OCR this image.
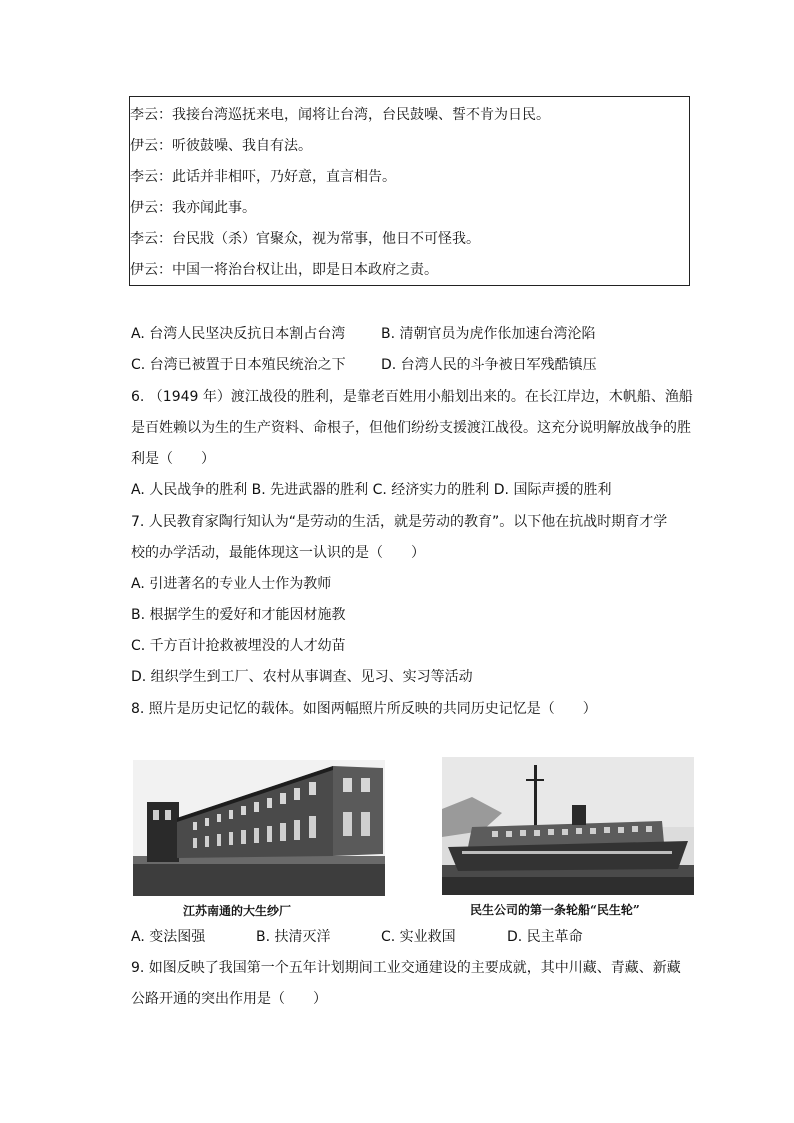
李云：我接台湾巡抚来电，闻将让台湾，台民鼓噪、誓不肯为日民。
伊云：听彼鼓噪、我自有法。
李云：此话并非相吓，乃好意，直言相告。
伊云：我亦闻此事。
李云：台民戕（杀）官聚众，视为常事，他日不可怪我。
伊云：中国一将治台权让出，即是日本政府之责。
A. 台湾人民坚决反抗日本割占台湾	B. 清朝官员为虎作伥加速台湾沦陷
C. 台湾已被置于日本殖民统治之下	D. 台湾人民的斗争被日军残酷镇压
6. （1949 年）渡江战役的胜利，是靠老百姓用小船划出来的。在长江岸边，木帆船、渔船
是百姓赖以为生的生产资料、命根子，但他们纷纷支援渡江战役。这充分说明解放战争的胜
利是（　　）
A. 人民战争的胜利 B. 先进武器的胜利 C. 经济实力的胜利 D. 国际声援的胜利
7. 人民教育家陶行知认为“是劳动的生活，就是劳动的教育”。以下他在抗战时期育才学
校的办学活动，最能体现这一认识的是（　　）
A. 引进著名的专业人士作为教师
B. 根据学生的爱好和才能因材施教
C. 千方百计抢救被埋没的人才幼苗
D. 组织学生到工厂、农村从事调查、见习、实习等活动
8. 照片是历史记忆的载体。如图两幅照片所反映的共同历史记忆是（　　）
江苏南通的大生纱厂	民生公司的第一条轮船“民生轮”
A. 变法图强	B. 扶清灭洋	C. 实业救国	D. 民主革命
9. 如图反映了我国第一个五年计划期间工业交通建设的主要成就，其中川藏、青藏、新藏
公路开通的突出作用是（　　）
